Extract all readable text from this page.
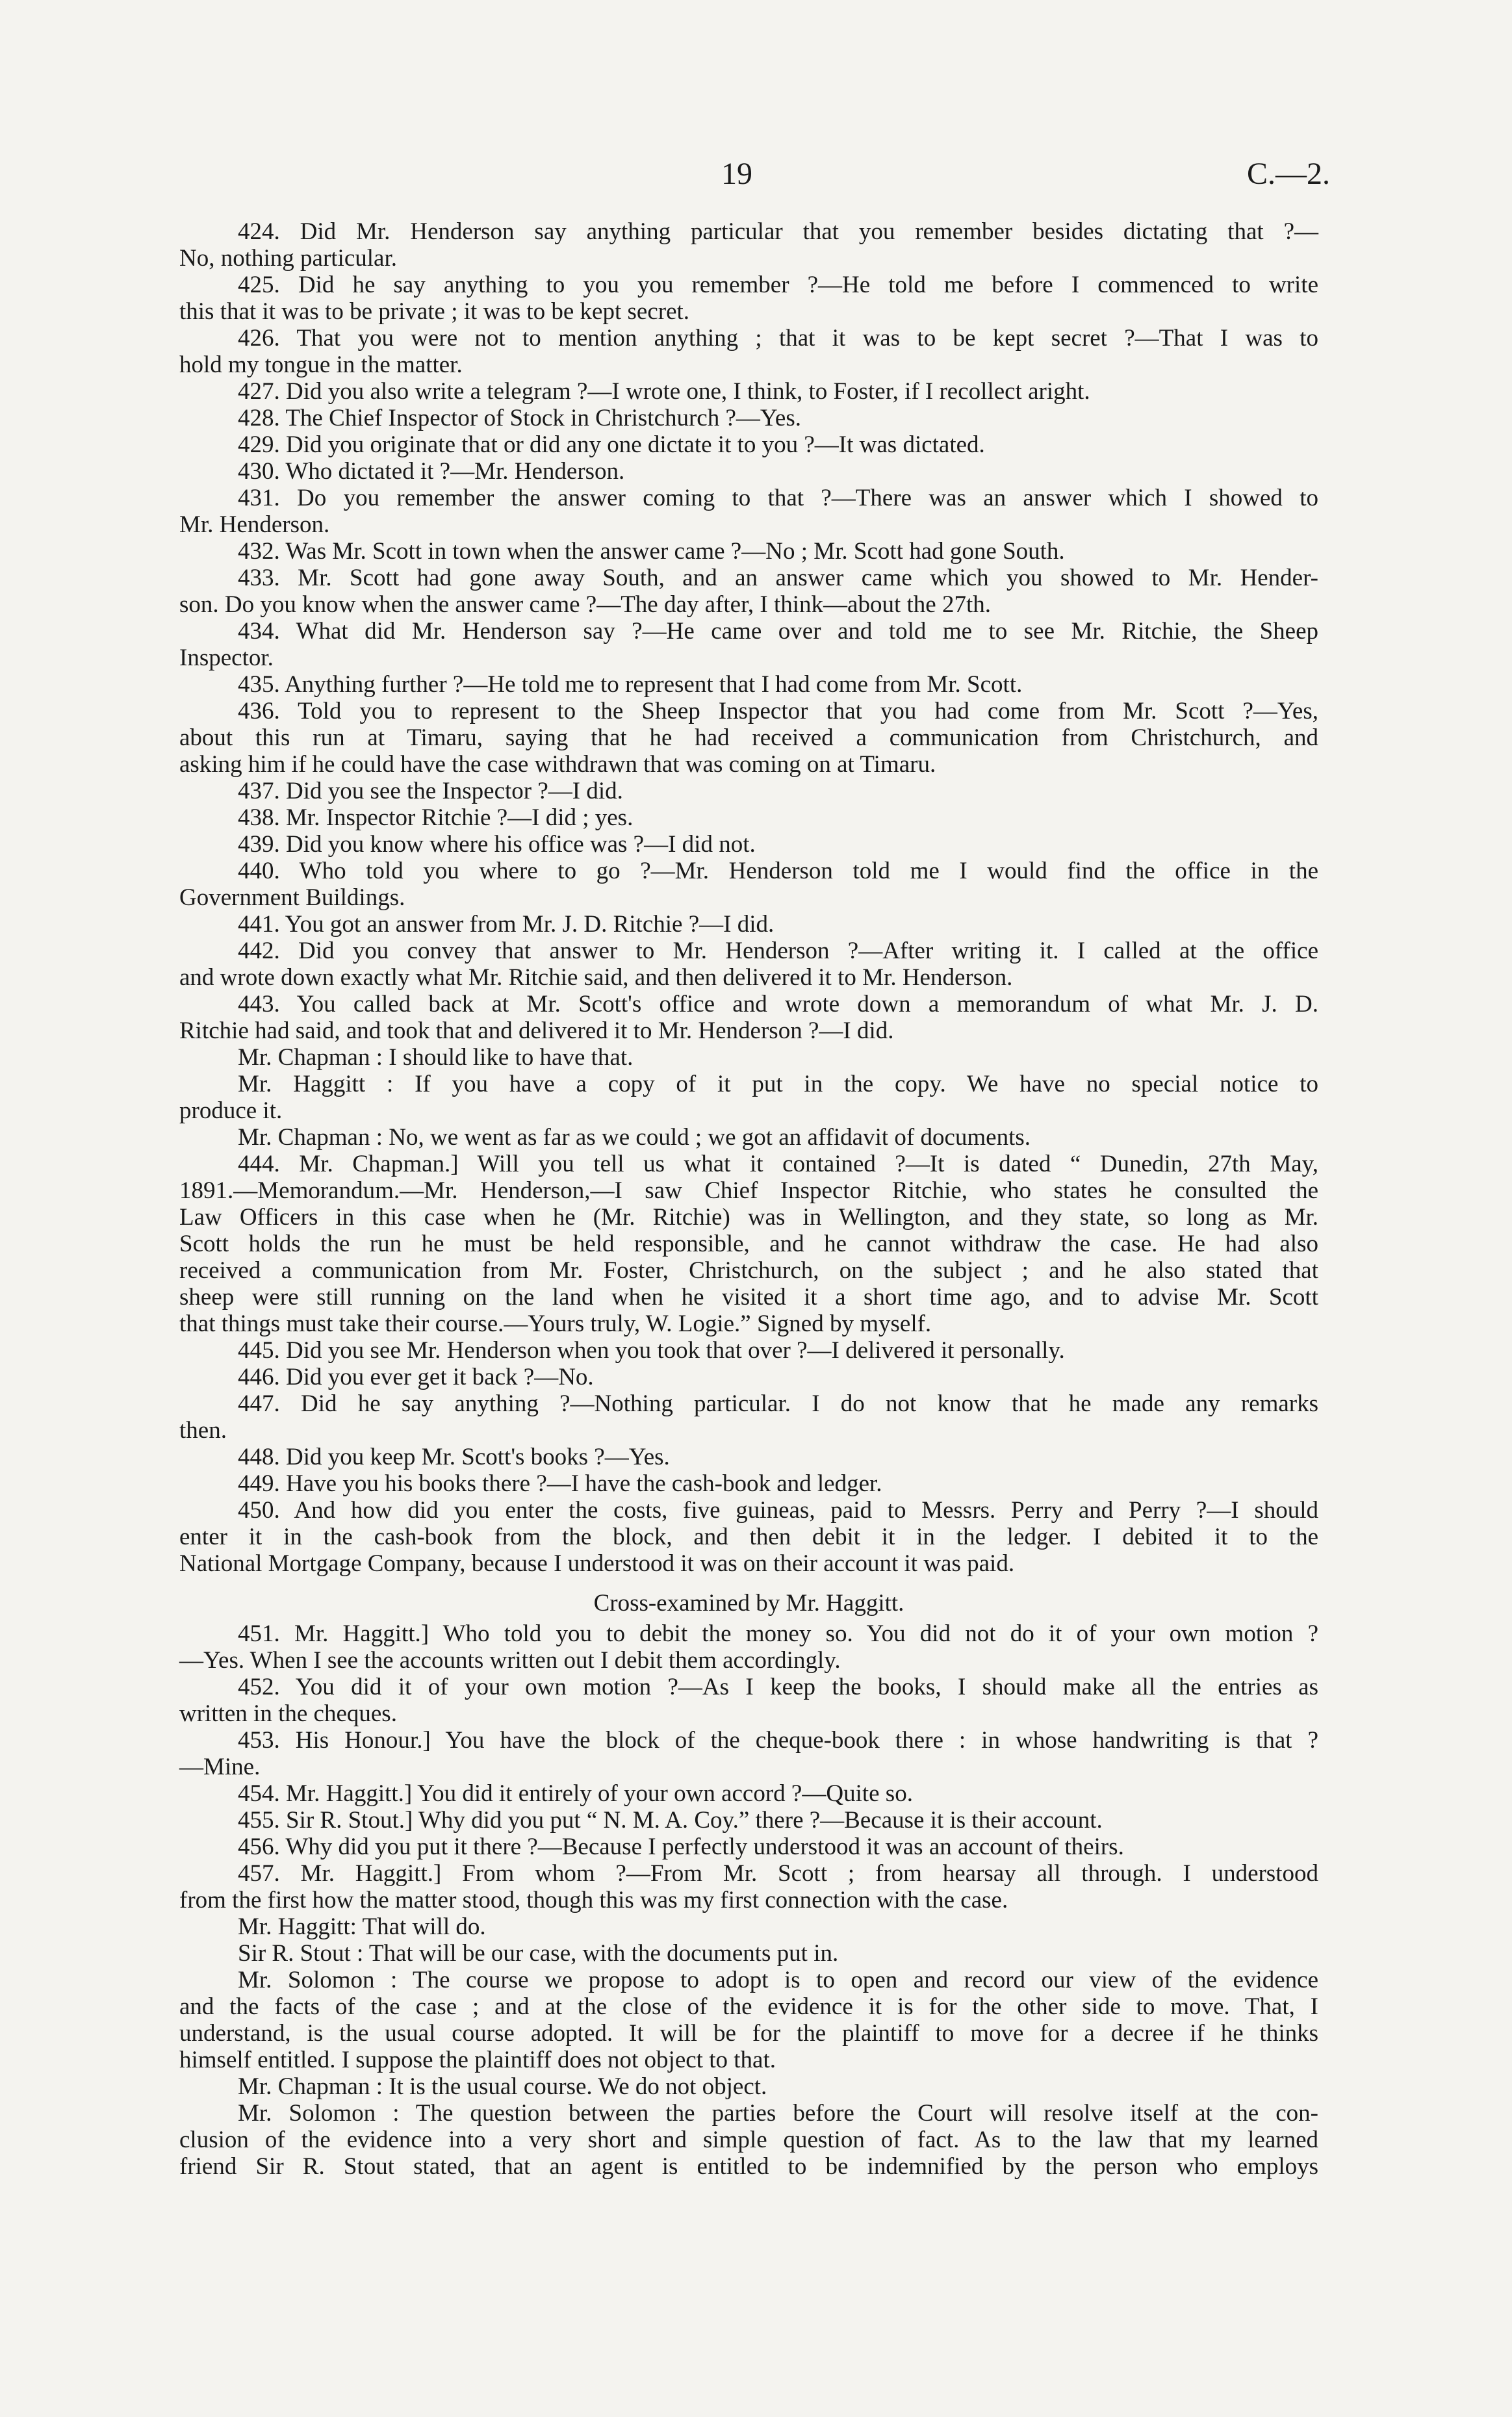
19	C.—2.
424. Did Mr. Henderson say anything particular that you remember besides dictating that ?—
No, nothing particular.
425. Did he say anything to you you remember ?—He told me before I commenced to write
this that it was to be private ; it was to be kept secret.
426. That you were not to mention anything ; that it was to be kept secret ?—That I was to
hold my tongue in the matter.
427. Did you also write a telegram ?—I wrote one, I think, to Foster, if I recollect aright.
428. The Chief Inspector of Stock in Christchurch ?—Yes.
429. Did you originate that or did any one dictate it to you ?—It was dictated.
430. Who dictated it ?—Mr. Henderson.
431. Do you remember the answer coming to that ?—There was an answer which I showed to
Mr. Henderson.
432. Was Mr. Scott in town when the answer came ?—No ; Mr. Scott had gone South.
433. Mr. Scott had gone away South, and an answer came which you showed to Mr. Hender-
son. Do you know when the answer came ?—The day after, I think—about the 27th.
434. What did Mr. Henderson say ?—He came over and told me to see Mr. Ritchie, the Sheep
Inspector.
435. Anything further ?—He told me to represent that I had come from Mr. Scott.
436. Told you to represent to the Sheep Inspector that you had come from Mr. Scott ?—Yes,
about this run at Timaru, saying that he had received a communication from Christchurch, and
asking him if he could have the case withdrawn that was coming on at Timaru.
437. Did you see the Inspector ?—I did.
438. Mr. Inspector Ritchie ?—I did ; yes.
439. Did you know where his office was ?—I did not.
440. Who told you where to go ?—Mr. Henderson told me I would find the office in the
Government Buildings.
441. You got an answer from Mr. J. D. Ritchie ?—I did.
442. Did you convey that answer to Mr. Henderson ?—After writing it. I called at the office
and wrote down exactly what Mr. Ritchie said, and then delivered it to Mr. Henderson.
443. You called back at Mr. Scott's office and wrote down a memorandum of what Mr. J. D.
Ritchie had said, and took that and delivered it to Mr. Henderson ?—I did.
Mr. Chapman : I should like to have that.
Mr. Haggitt : If you have a copy of it put in the copy. We have no special notice to
produce it.
Mr. Chapman : No, we went as far as we could ; we got an affidavit of documents.
444. Mr. Chapman.] Will you tell us what it contained ?—It is dated “ Dunedin, 27th May,
1891.—Memorandum.—Mr. Henderson,—I saw Chief Inspector Ritchie, who states he consulted the
Law Officers in this case when he (Mr. Ritchie) was in Wellington, and they state, so long as Mr.
Scott holds the run he must be held responsible, and he cannot withdraw the case. He had also
received a communication from Mr. Foster, Christchurch, on the subject ; and he also stated that
sheep were still running on the land when he visited it a short time ago, and to advise Mr. Scott
that things must take their course.—Yours truly, W. Logie.” Signed by myself.
445. Did you see Mr. Henderson when you took that over ?—I delivered it personally.
446. Did you ever get it back ?—No.
447. Did he say anything ?—Nothing particular. I do not know that he made any remarks
then.
448. Did you keep Mr. Scott's books ?—Yes.
449. Have you his books there ?—I have the cash-book and ledger.
450. And how did you enter the costs, five guineas, paid to Messrs. Perry and Perry ?—I should
enter it in the cash-book from the block, and then debit it in the ledger. I debited it to the
National Mortgage Company, because I understood it was on their account it was paid.
Cross-examined by Mr. Haggitt.
451. Mr. Haggitt.] Who told you to debit the money so. You did not do it of your own motion ?
—Yes. When I see the accounts written out I debit them accordingly.
452. You did it of your own motion ?—As I keep the books, I should make all the entries as
written in the cheques.
453. His Honour.] You have the block of the cheque-book there : in whose handwriting is that ?
—Mine.
454. Mr. Haggitt.] You did it entirely of your own accord ?—Quite so.
455. Sir R. Stout.] Why did you put “ N. M. A. Coy.” there ?—Because it is their account.
456. Why did you put it there ?—Because I perfectly understood it was an account of theirs.
457. Mr. Haggitt.] From whom ?—From Mr. Scott ; from hearsay all through. I understood
from the first how the matter stood, though this was my first connection with the case.
Mr. Haggitt: That will do.
Sir R. Stout : That will be our case, with the documents put in.
Mr. Solomon : The course we propose to adopt is to open and record our view of the evidence
and the facts of the case ; and at the close of the evidence it is for the other side to move. That, I
understand, is the usual course adopted. It will be for the plaintiff to move for a decree if he thinks
himself entitled. I suppose the plaintiff does not object to that.
Mr. Chapman : It is the usual course. We do not object.
Mr. Solomon : The question between the parties before the Court will resolve itself at the con-
clusion of the evidence into a very short and simple question of fact. As to the law that my learned
friend Sir R. Stout stated, that an agent is entitled to be indemnified by the person who employs
